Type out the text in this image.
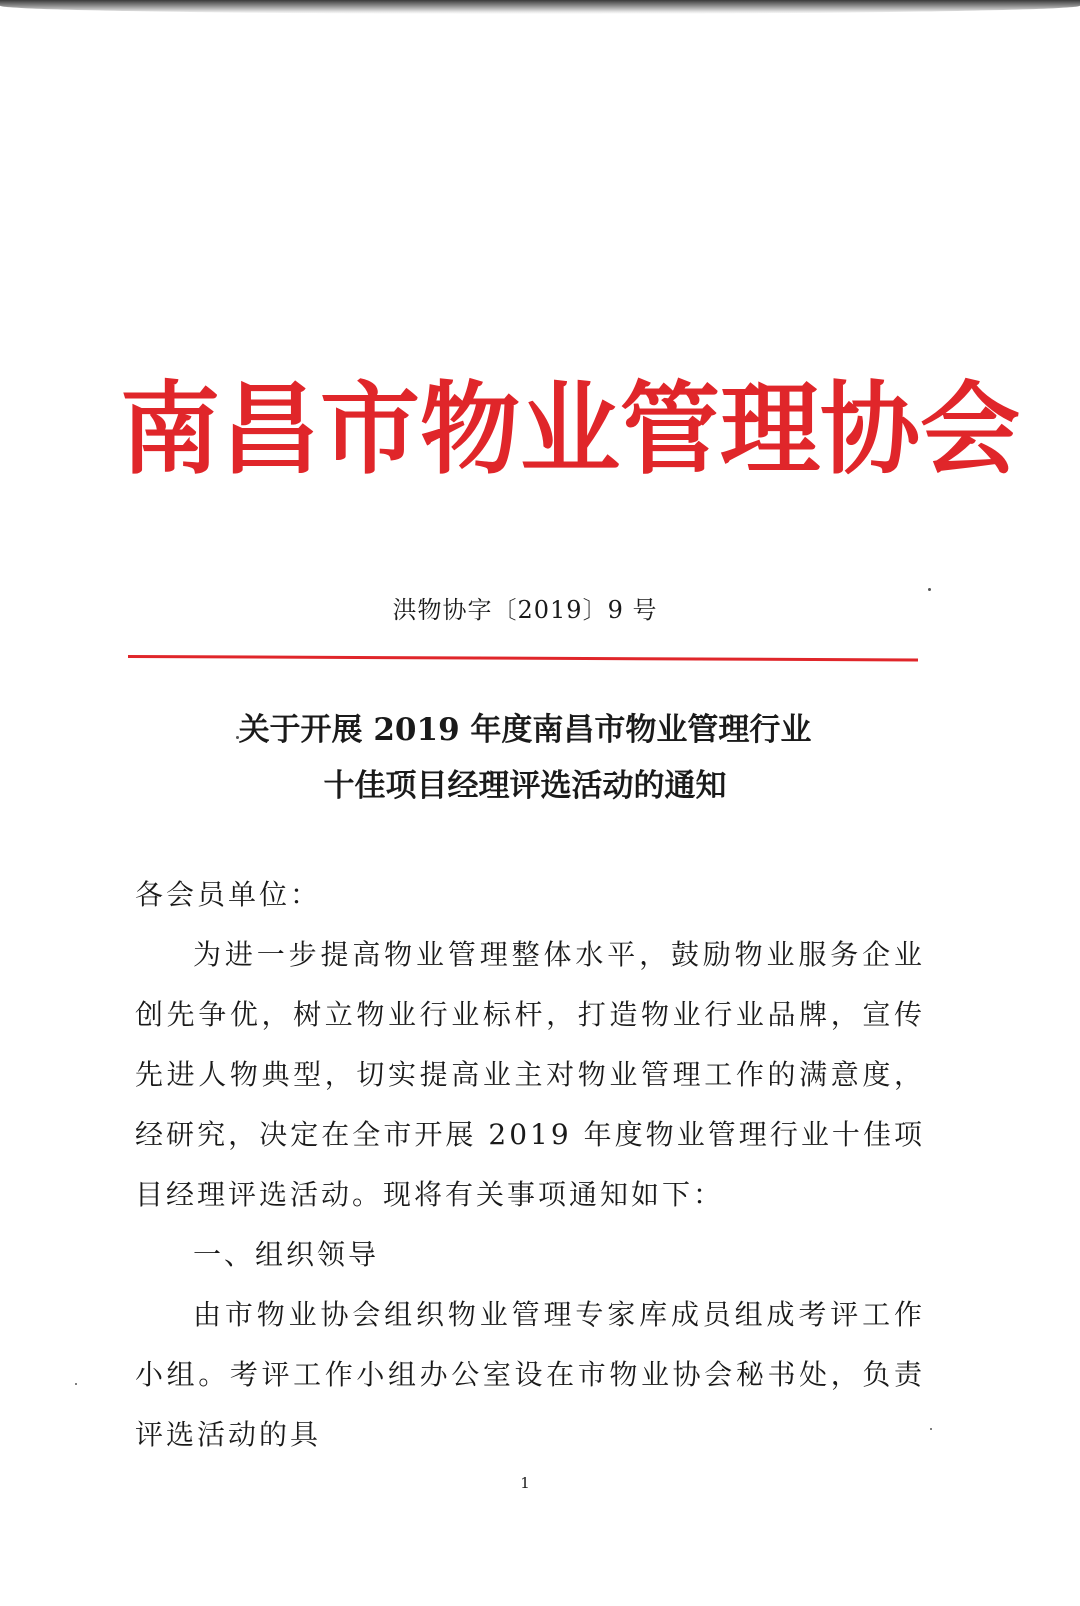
南 昌 市 物 业 管 理 协 会
洪物协字〔2019〕9 号
关于开展 2019 年度南昌市物业管理行业
十佳项目经理评选活动的通知

各会员单位：

为进一步提高物业管理整体水平，鼓励物业服务企业创先争优，树立物业行业标杆，打造物业行业品牌，宣传先进人物典型，切实提高业主对物业管理工作的满意度，经研究，决定在全市开展 2019 年度物业管理行业十佳项目经理评选活动。现将有关事项通知如下：

一、组织领导

由市物业协会组织物业管理专家库成员组成考评工作小组。考评工作小组办公室设在市物业协会秘书处，负责评选活动的具

1
